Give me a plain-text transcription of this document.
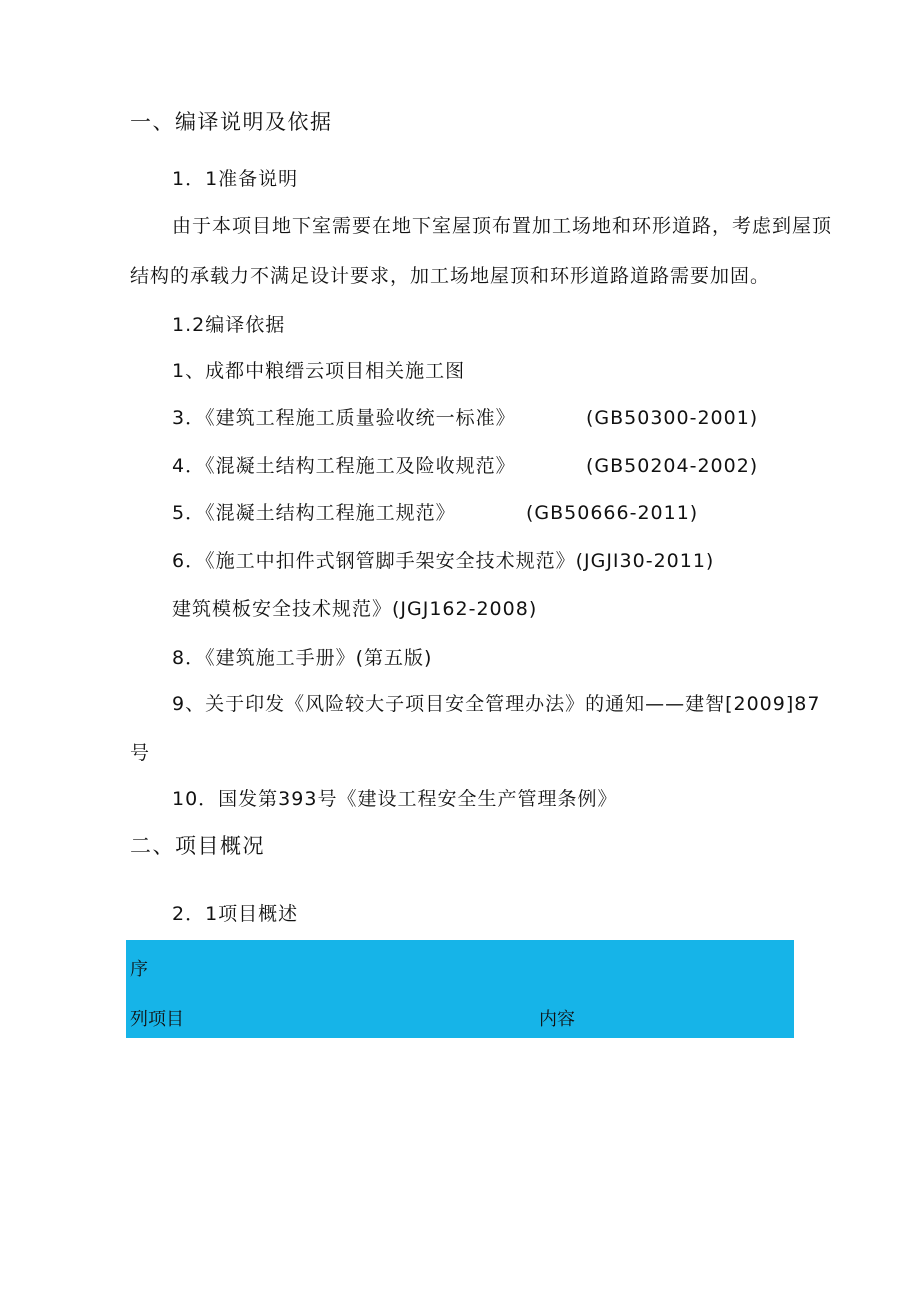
一、编译说明及依据
1．1准备说明
由于本项目地下室需要在地下室屋顶布置加工场地和环形道路，考虑到屋顶
结构的承载力不满足设计要求，加工场地屋顶和环形道路道路需要加固。
1.2编译依据
1、成都中粮缙云项目相关施工图
3．《建筑工程施工质量验收统一标准》          (GB50300-2001)
4．《混凝土结构工程施工及险收规范》          (GB50204-2002)
5．《混凝土结构工程施工规范》          (GB50666-2011)
6．《施工中扣件式钢管脚手架安全技术规范》(JGJI30-2011)
建筑模板安全技术规范》(JGJ162-2008)
8．《建筑施工手册》(第五版)
9、关于印发《风险较大子项目安全管理办法》的通知——建智[2009]87
号
10．国发第393号《建设工程安全生产管理条例》
二、项目概况
2．1项目概述
序
列项目	内容
